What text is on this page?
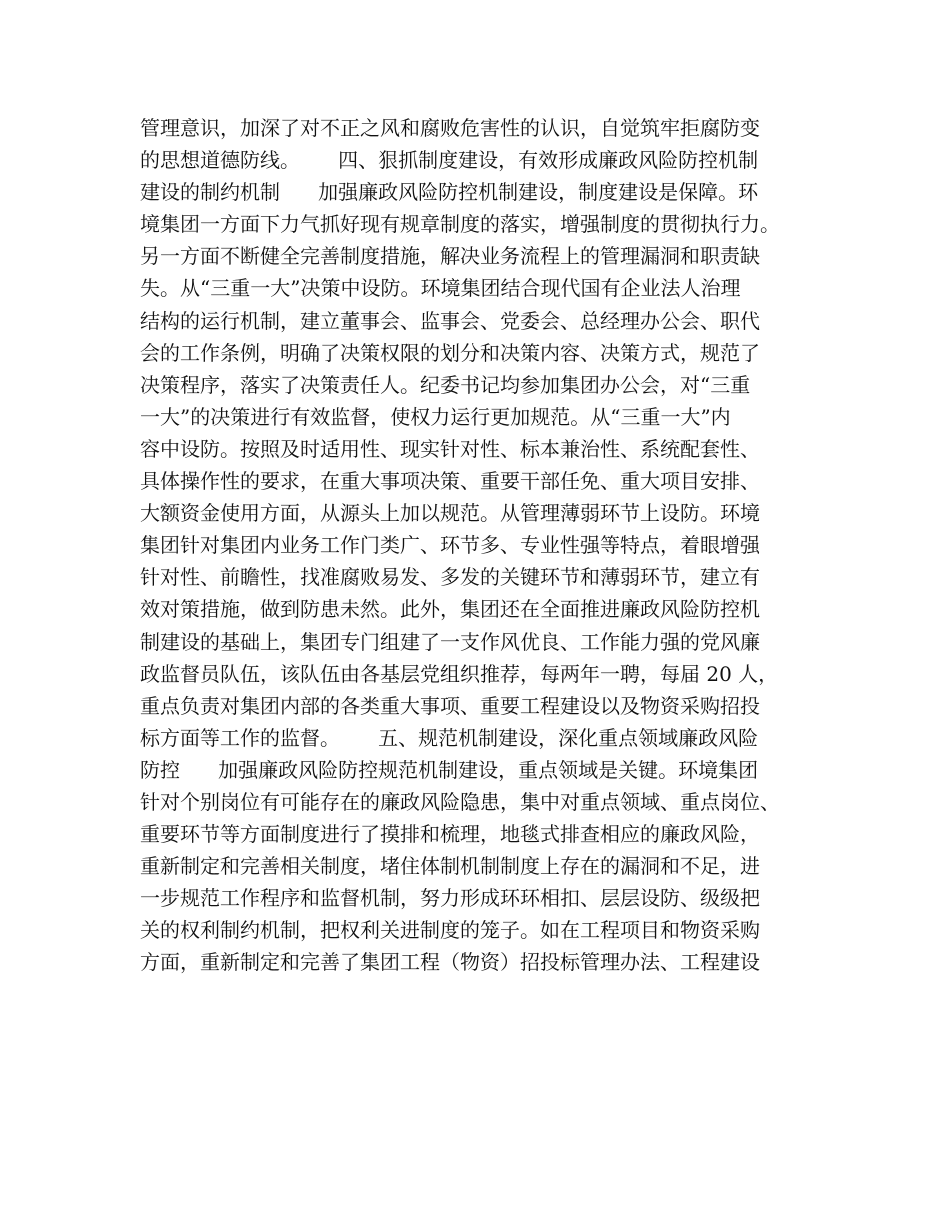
管理意识，加深了对不正之风和腐败危害性的认识，自觉筑牢拒腐防变
的思想道德防线。      四、狠抓制度建设，有效形成廉政风险防控机制
建设的制约机制      加强廉政风险防控机制建设，制度建设是保障。环
境集团一方面下力气抓好现有规章制度的落实，增强制度的贯彻执行力。
另一方面不断健全完善制度措施，解决业务流程上的管理漏洞和职责缺
失。从“三重一大”决策中设防。环境集团结合现代国有企业法人治理
结构的运行机制，建立董事会、监事会、党委会、总经理办公会、职代
会的工作条例，明确了决策权限的划分和决策内容、决策方式，规范了
决策程序，落实了决策责任人。纪委书记均参加集团办公会，对“三重
一大”的决策进行有效监督，使权力运行更加规范。从“三重一大”内
容中设防。按照及时适用性、现实针对性、标本兼治性、系统配套性、
具体操作性的要求，在重大事项决策、重要干部任免、重大项目安排、
大额资金使用方面，从源头上加以规范。从管理薄弱环节上设防。环境
集团针对集团内业务工作门类广、环节多、专业性强等特点，着眼增强
针对性、前瞻性，找准腐败易发、多发的关键环节和薄弱环节，建立有
效对策措施，做到防患未然。此外，集团还在全面推进廉政风险防控机
制建设的基础上，集团专门组建了一支作风优良、工作能力强的党风廉
政监督员队伍，该队伍由各基层党组织推荐，每两年一聘，每届 20 人，
重点负责对集团内部的各类重大事项、重要工程建设以及物资采购招投
标方面等工作的监督。      五、规范机制建设，深化重点领域廉政风险
防控      加强廉政风险防控规范机制建设，重点领域是关键。环境集团
针对个别岗位有可能存在的廉政风险隐患，集中对重点领域、重点岗位、
重要环节等方面制度进行了摸排和梳理，地毯式排查相应的廉政风险，
重新制定和完善相关制度，堵住体制机制制度上存在的漏洞和不足，进
一步规范工作程序和监督机制，努力形成环环相扣、层层设防、级级把
关的权利制约机制，把权利关进制度的笼子。如在工程项目和物资采购
方面，重新制定和完善了集团工程（物资）招投标管理办法、工程建设
